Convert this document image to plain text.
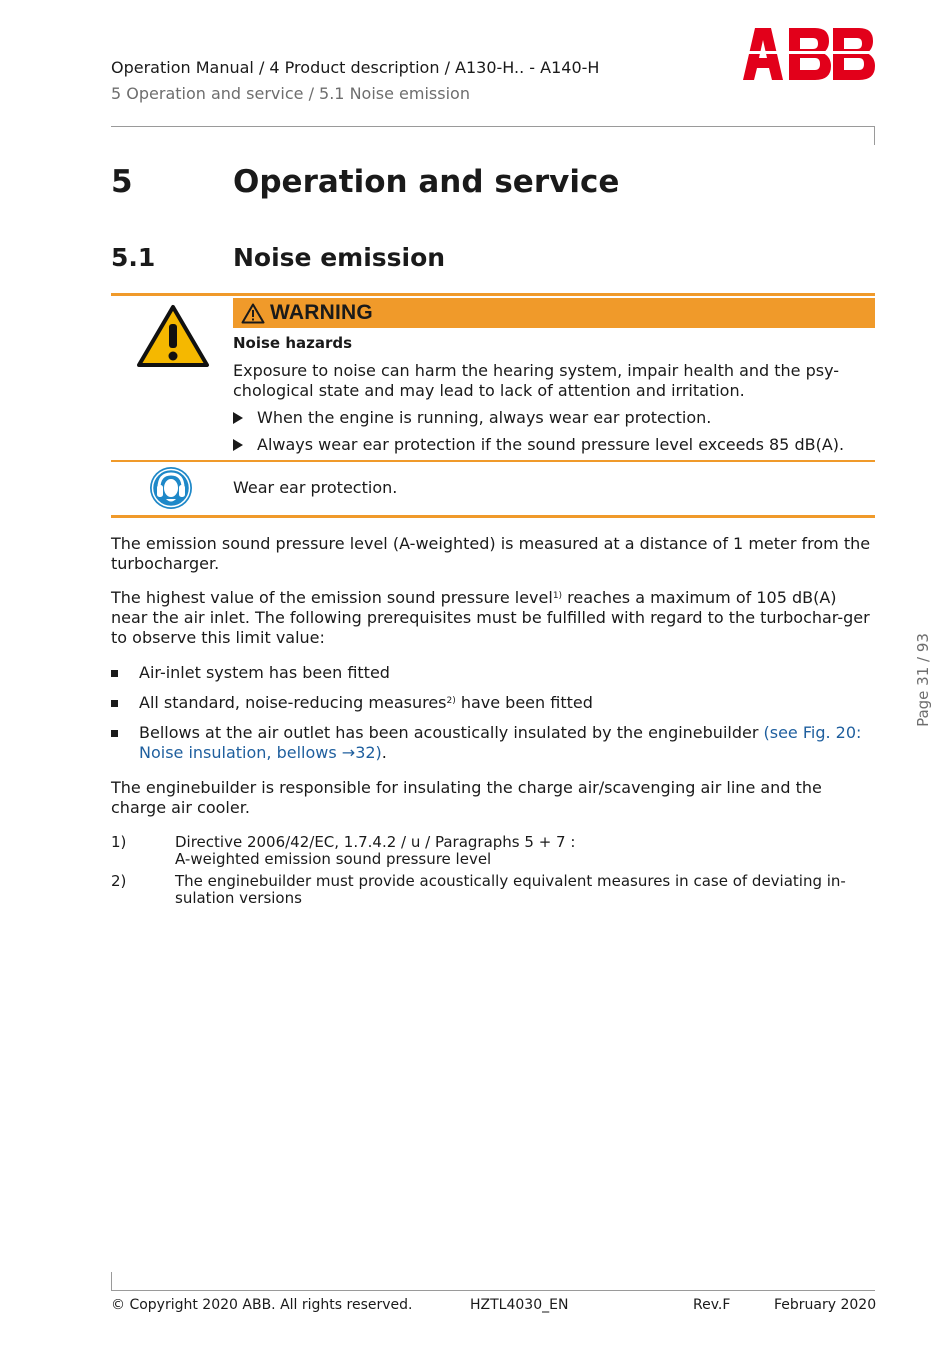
Operation Manual / 4 Product description / A130-H.. - A140-H
5 Operation and service / 5.1 Noise emission
5	Operation and service
5.1	Noise emission
WARNING
Noise hazards
Exposure to noise can harm the hearing system, impair health and the psy-chological state and may lead to lack of attention and irritation.
When the engine is running, always wear ear protection.
Always wear ear protection if the sound pressure level exceeds 85 dB(A).
Wear ear protection.
The emission sound pressure level (A-weighted) is measured at a distance of 1 meter from the turbocharger.
The highest value of the emission sound pressure level$^{1)}$ reaches a maximum of 105 dB(A) near the air inlet. The following prerequisites must be fulfilled with regard to the turbochar-ger to observe this limit value:
Air-inlet system has been fitted
All standard, noise-reducing measures$^{2)}$ have been fitted
Bellows at the air outlet has been acoustically insulated by the enginebuilder (see Fig. 20: Noise insulation, bellows →32).
The enginebuilder is responsible for insulating the charge air/scavenging air line and the charge air cooler.
1)	Directive 2006/42/EC, 1.7.4.2 / u / Paragraphs 5 + 7 :
A-weighted emission sound pressure level
2)	The enginebuilder must provide acoustically equivalent measures in case of deviating in-
sulation versions
Page 31 / 93
© Copyright 2020 ABB. All rights reserved.	HZTL4030_EN	Rev.F	February 2020
